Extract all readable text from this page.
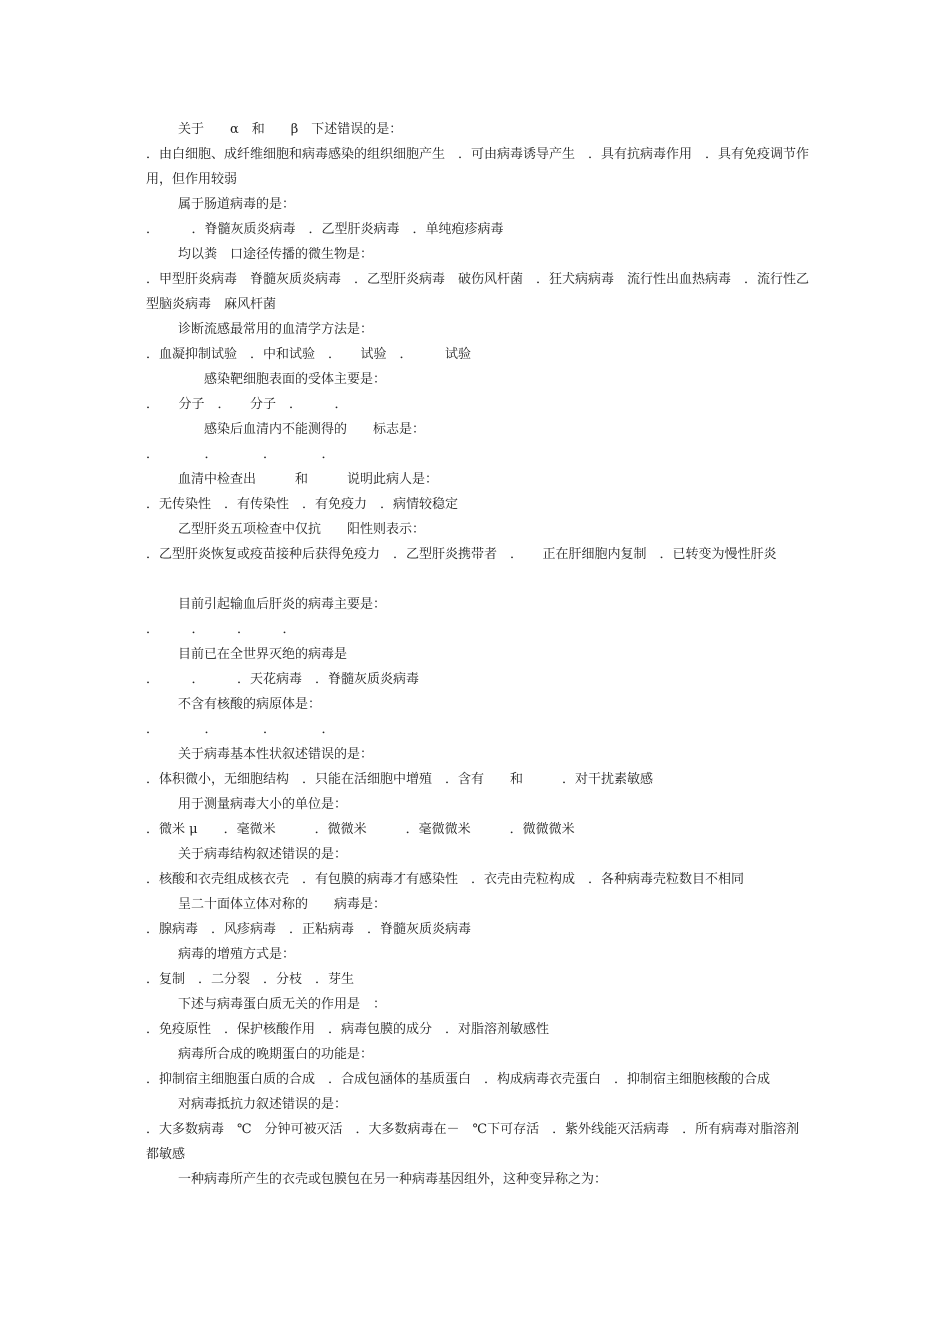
关于　　α　和　　β　下述错误的是：
．由白细胞、成纤维细胞和病毒感染的组织细胞产生　．可由病毒诱导产生　．具有抗病毒作用　．具有免疫调节作用，但作用较弱
属于肠道病毒的是：
．　　　．脊髓灰质炎病毒　．乙型肝炎病毒　．单纯疱疹病毒
均以粪　口途径传播的微生物是：
．甲型肝炎病毒　脊髓灰质炎病毒　．乙型肝炎病毒　破伤风杆菌　．狂犬病病毒　流行性出血热病毒　．流行性乙型脑炎病毒　麻风杆菌
诊断流感最常用的血清学方法是：
．血凝抑制试验　．中和试验　．　　试验　．　　　试验
　　感染靶细胞表面的受体主要是：
．　　分子　．　　分子　．　　　．
　　感染后血清内不能测得的　　标志是：
．　　　　．　　　　．　　　　．
血清中检查出　　　和　　　说明此病人是：
．无传染性　．有传染性　．有免疫力　．病情较稳定
乙型肝炎五项检查中仅抗　　阳性则表示：
．乙型肝炎恢复或疫苗接种后获得免疫力　．乙型肝炎携带者　．　　正在肝细胞内复制　．已转变为慢性肝炎
目前引起输血后肝炎的病毒主要是：
．　　　．　　　．　　　．
目前已在全世界灭绝的病毒是
．　　　．　　　．天花病毒　．脊髓灰质炎病毒
不含有核酸的病原体是：
．　　　　．　　　　．　　　　．
关于病毒基本性状叙述错误的是：
．体积微小，无细胞结构　．只能在活细胞中增殖　．含有　　和　　　．对干扰素敏感
用于测量病毒大小的单位是：
．微米 μ　　．毫微米　　　．微微米　　　．毫微微米　　　．微微微米
关于病毒结构叙述错误的是：
．核酸和衣壳组成核衣壳　．有包膜的病毒才有感染性　．衣壳由壳粒构成　．各种病毒壳粒数目不相同
呈二十面体立体对称的　　病毒是：
．腺病毒　．风疹病毒　．正粘病毒　．脊髓灰质炎病毒
病毒的增殖方式是：
．复制　．二分裂　．分枝　．芽生
下述与病毒蛋白质无关的作用是　：
．免疫原性　．保护核酸作用　．病毒包膜的成分　．对脂溶剂敏感性
病毒所合成的晚期蛋白的功能是：
．抑制宿主细胞蛋白质的合成　．合成包涵体的基质蛋白　．构成病毒衣壳蛋白　．抑制宿主细胞核酸的合成
对病毒抵抗力叙述错误的是：
．大多数病毒　℃　分钟可被灭活　．大多数病毒在－　℃下可存活　．紫外线能灭活病毒　．所有病毒对脂溶剂都敏感
一种病毒所产生的衣壳或包膜包在另一种病毒基因组外，这种变异称之为：
